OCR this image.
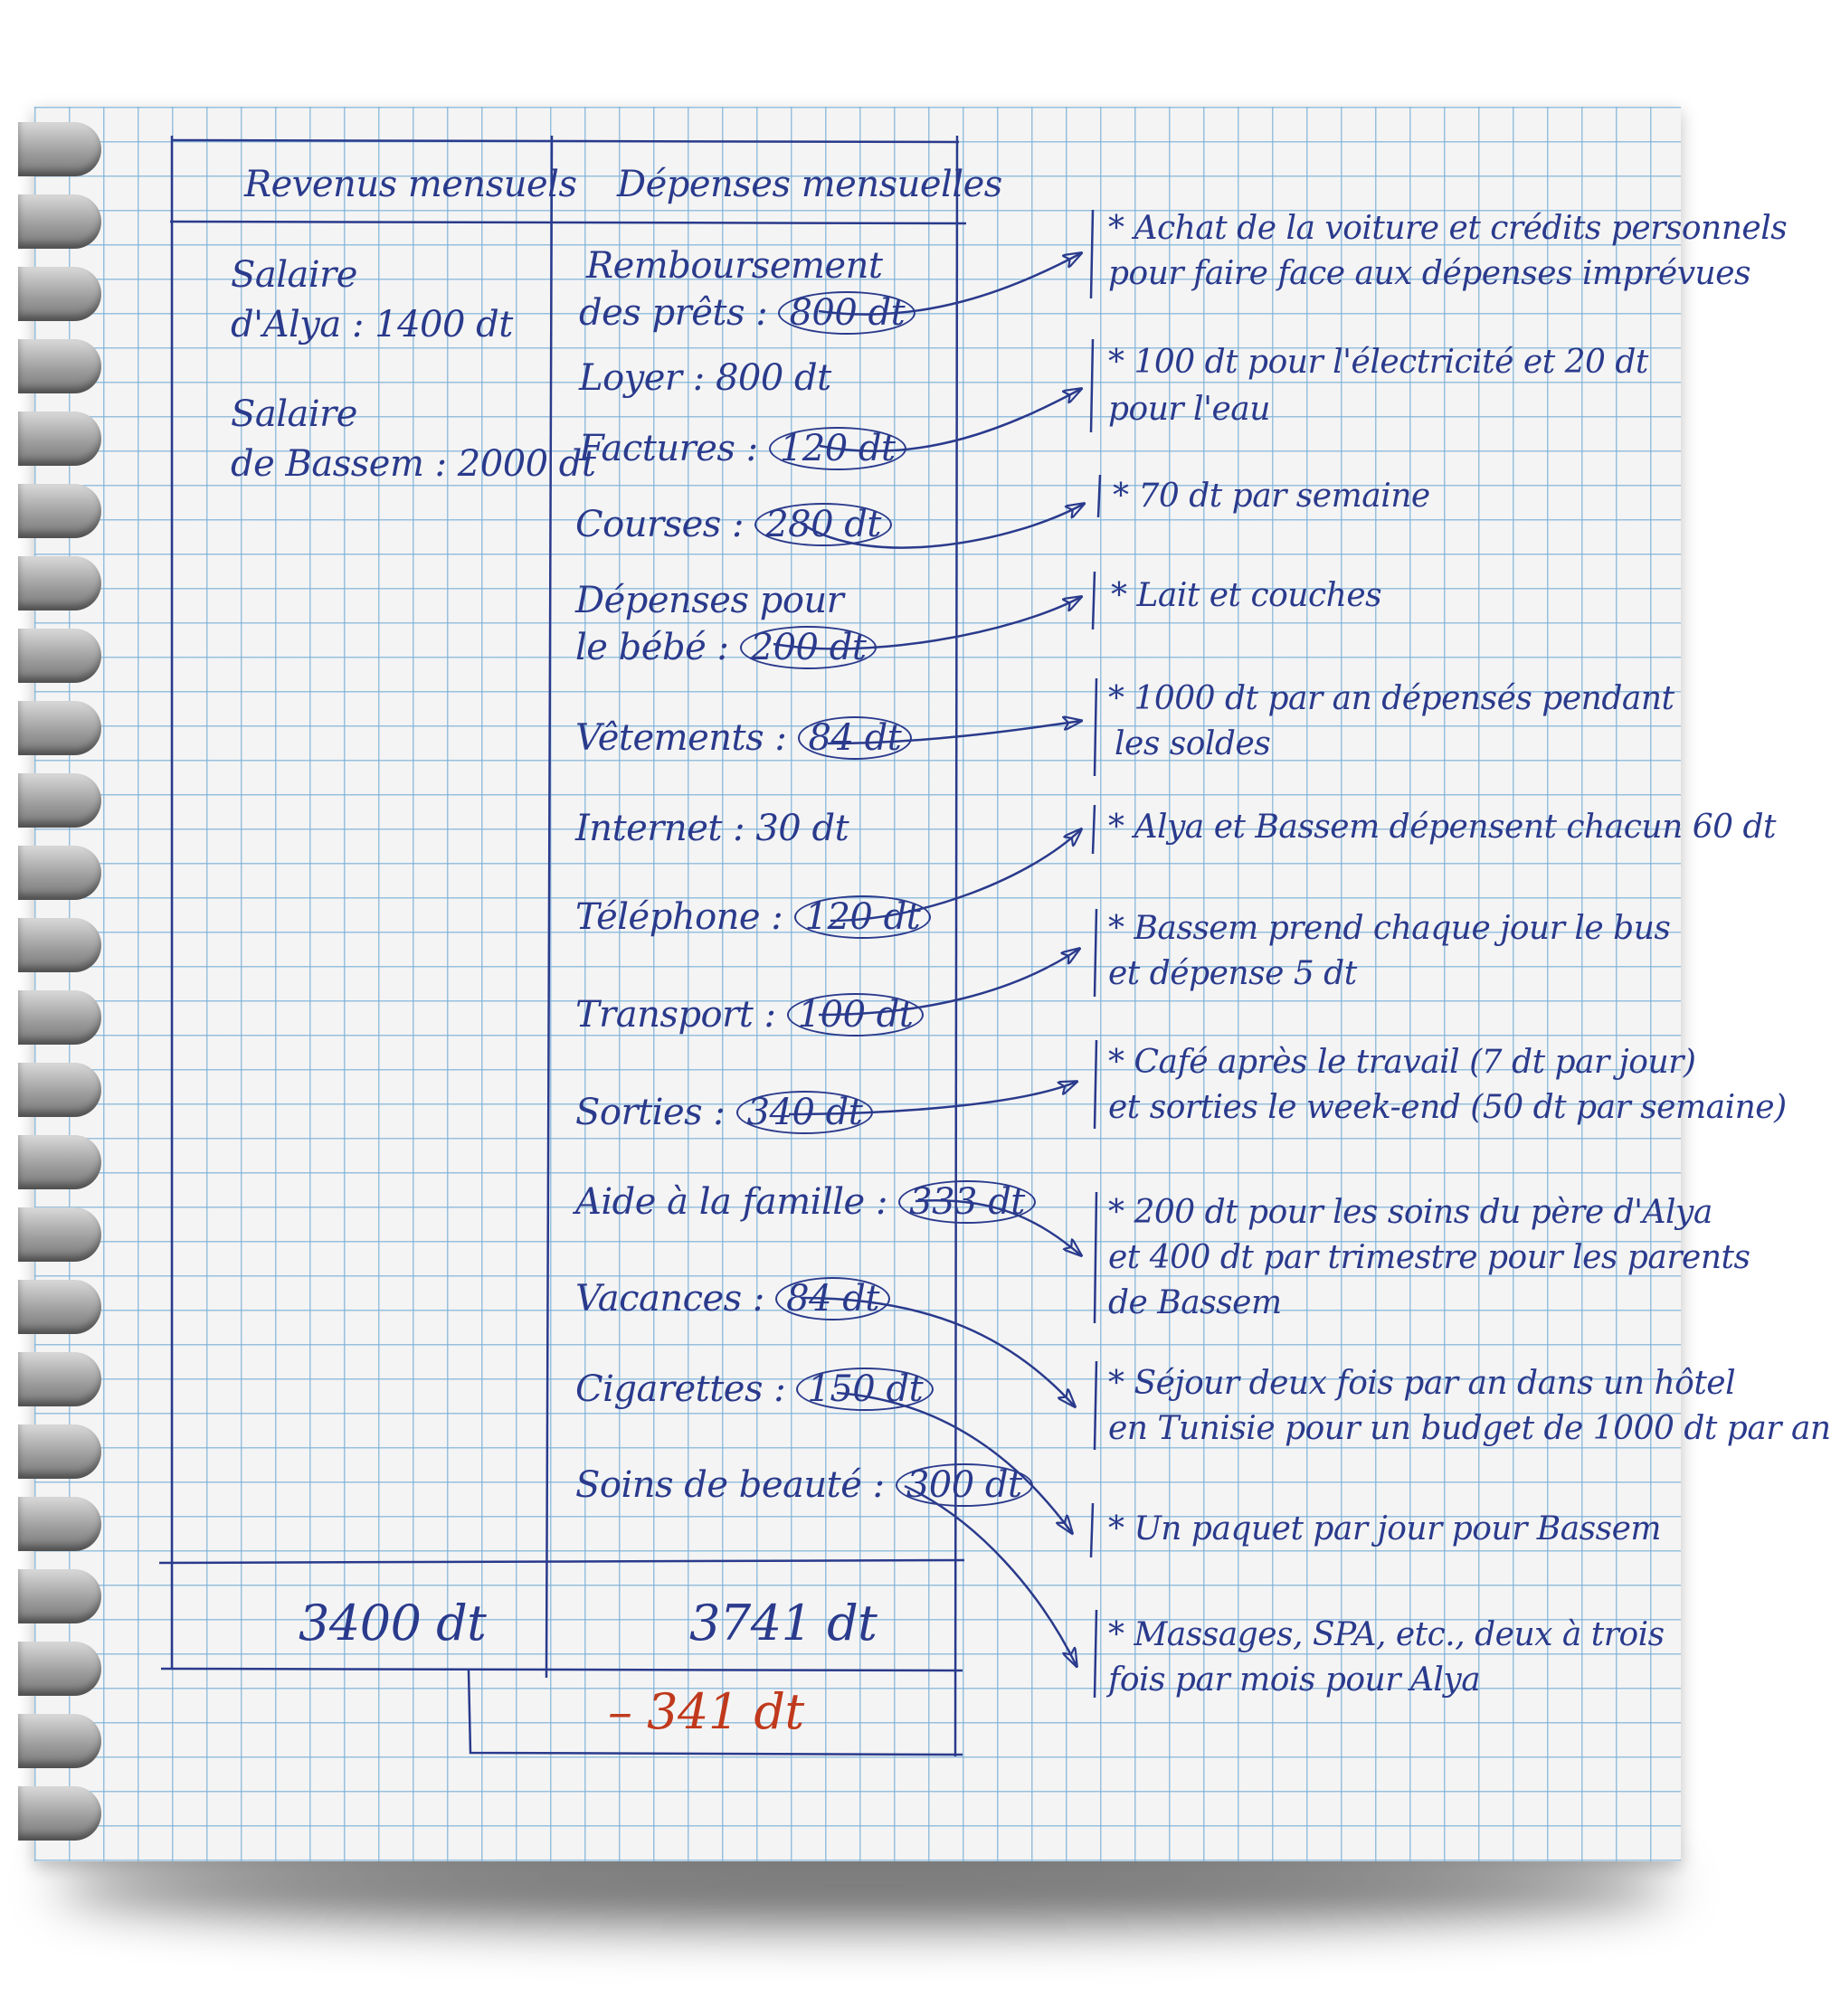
Revenus mensuels Dépenses mensuelles
Salaire
d'Alya : 1400 dt
Salaire
de Bassem : 2000 dt
Remboursement
des prêts : 800 dt
Loyer : 800 dt
Factures : 120 dt
Courses : 280 dt
Dépenses pour
le bébé : 200 dt
Vêtements : 84 dt
Internet : 30 dt
Téléphone : 120 dt
Transport : 100 dt
Sorties : 340 dt
Aide à la famille : 333 dt
Vacances : 84 dt
Cigarettes : 150 dt
Soins de beauté : 300 dt
3400 dt	3741 dt
– 341 dt
* Achat de la voiture et crédits personnels
pour faire face aux dépenses imprévues
* 100 dt pour l'électricité et 20 dt
pour l'eau
* 70 dt par semaine
* Lait et couches
* 1000 dt par an dépensés pendant
les soldes
* Alya et Bassem dépensent chacun 60 dt
* Bassem prend chaque jour le bus
et dépense 5 dt
* Café après le travail (7 dt par jour)
et sorties le week-end (50 dt par semaine)
* 200 dt pour les soins du père d'Alya
et 400 dt par trimestre pour les parents
de Bassem
* Séjour deux fois par an dans un hôtel
en Tunisie pour un budget de 1000 dt par an
* Un paquet par jour pour Bassem
* Massages, SPA, etc., deux à trois
fois par mois pour Alya
